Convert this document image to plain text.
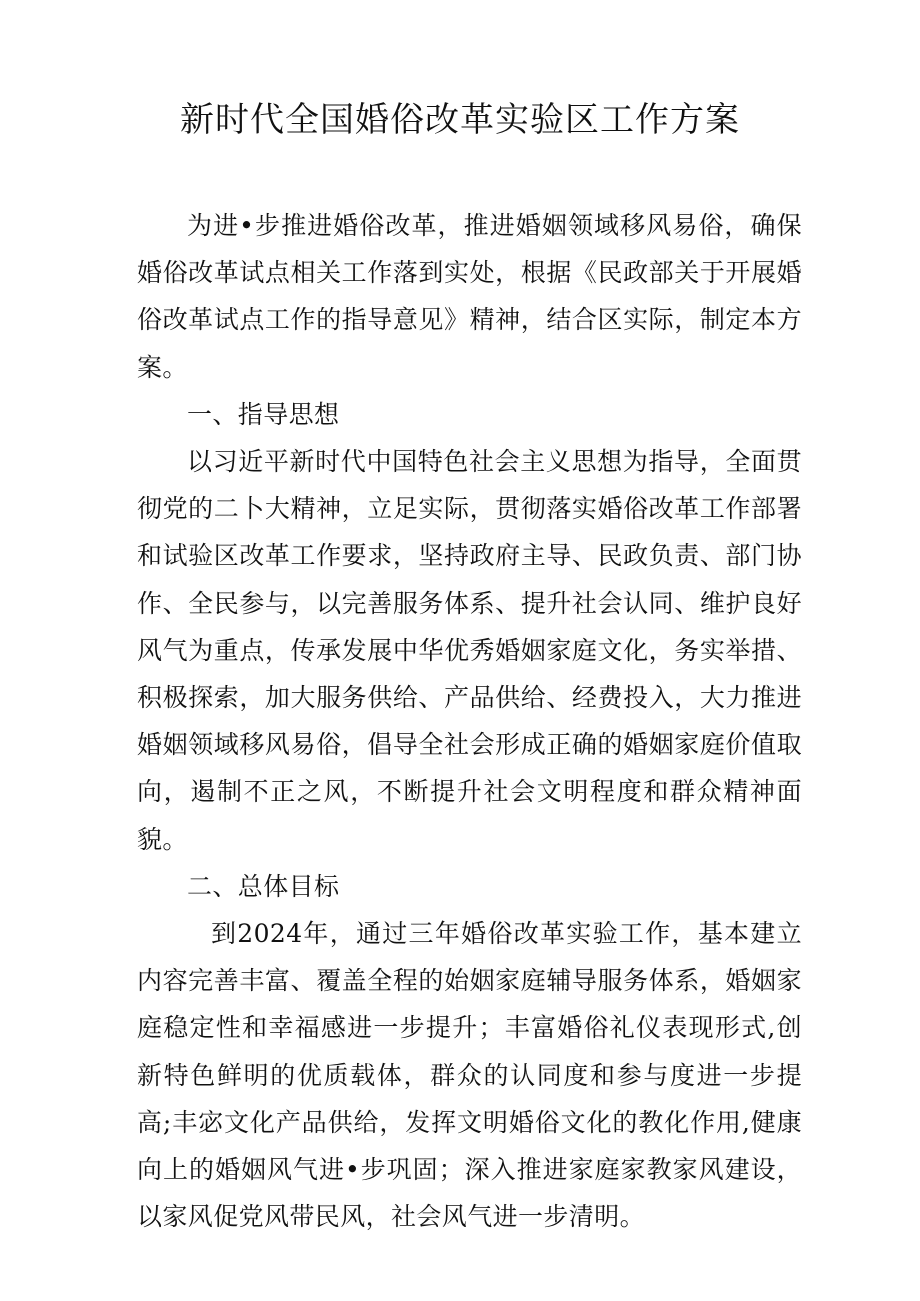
新时代全国婚俗改革实验区工作方案

为进•步推进婚俗改革，推进婚姻领域移风易俗，确保婚俗改革试点相关工作落到实处，根据《民政部关于开展婚俗改革试点工作的指导意见》精神，结合区实际，制定本方案。

一、指导思想

以习近平新时代中国特色社会主义思想为指导，全面贯彻党的二卜大精神，立足实际，贯彻落实婚俗改革工作部署和试验区改革工作要求，坚持政府主导、民政负责、部门协作、全民参与，以完善服务体系、提升社会认同、维护良好风气为重点，传承发展中华优秀婚姻家庭文化，务实举措、积极探索，加大服务供给、产品供给、经费投入，大力推进婚姻领域移风易俗，倡导全社会形成正确的婚姻家庭价值取向，遏制不正之风，不断提升社会文明程度和群众精神面貌。

二、总体目标

到2024年，通过三年婚俗改革实验工作，基本建立内容完善丰富、覆盖全程的始姻家庭辅导服务体系，婚姻家庭稳定性和幸福感进一步提升；丰富婚俗礼仪表现形式,创新特色鲜明的优质载体，群众的认同度和参与度进一步提高;丰宓文化产品供给，发挥文明婚俗文化的教化作用,健康向上的婚姻风气进•步巩固；深入推进家庭家教家风建设，以家风促党风带民风，社会风气进一步清明。
